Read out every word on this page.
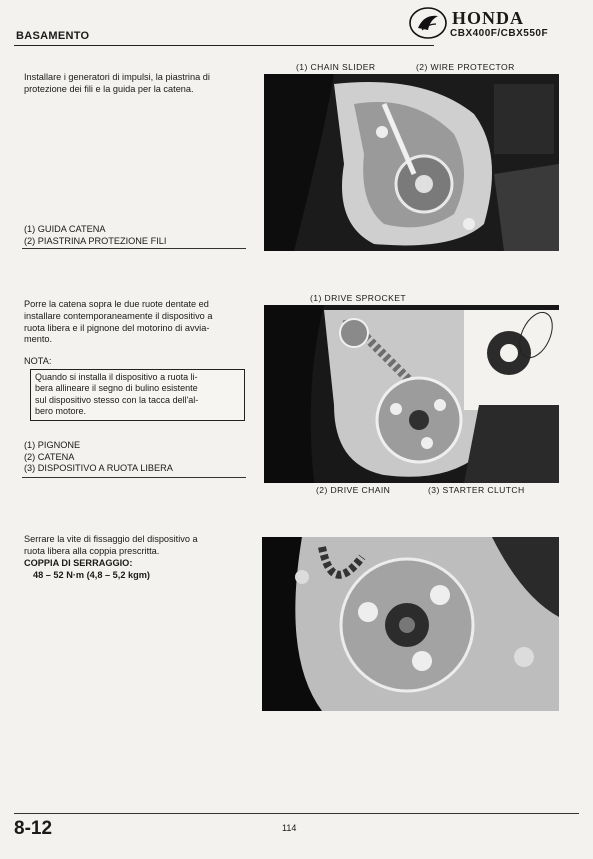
BASAMENTO
HONDA
CBX400F/CBX550F
Installare i generatori di impulsi, la piastrina di
protezione dei fili e la guida per la catena.
(1) GUIDA CATENA
(2) PIASTRINA PROTEZIONE FILI
(1) CHAIN SLIDER	(2) WIRE PROTECTOR
Porre la catena sopra le due ruote dentate ed
installare contemporaneamente il dispositivo a
ruota libera e il pignone del motorino di avvia-
mento.
NOTA:
Quando si installa il dispositivo a ruota li-
bera allineare il segno di bulino esistente
sul dispositivo stesso con la tacca dell'al-
bero motore.
(1) PIGNONE
(2) CATENA
(3) DISPOSITIVO A RUOTA LIBERA
(1) DRIVE SPROCKET
(2) DRIVE CHAIN	(3) STARTER CLUTCH
Serrare la vite di fissaggio del dispositivo a
ruota libera alla coppia prescritta.
COPPIA DI SERRAGGIO:
48 – 52 N·m (4,8 – 5,2 kgm)
8-12	114
